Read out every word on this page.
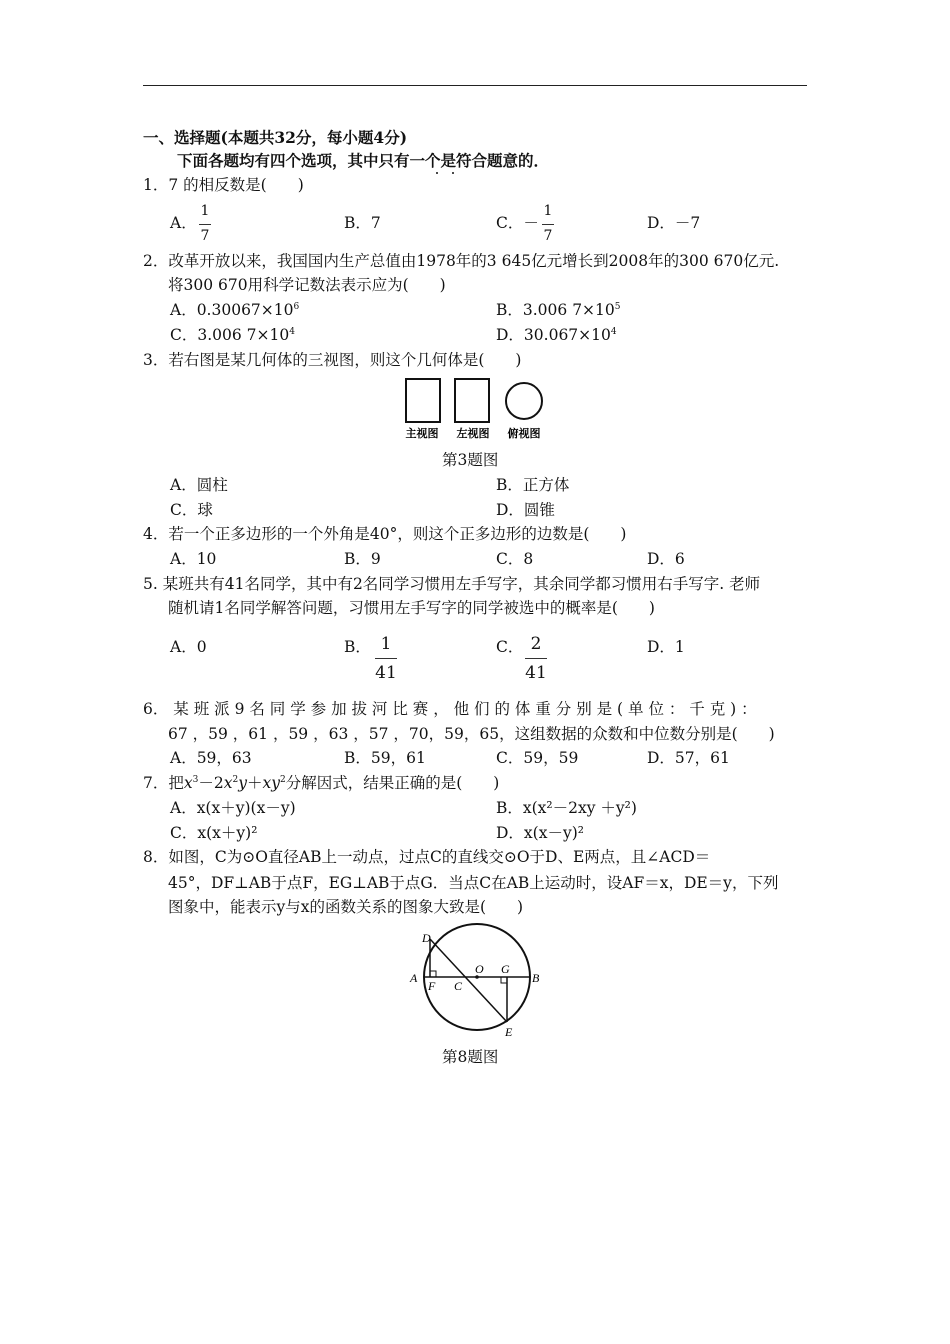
一、选择题(本题共32分，每小题4分)
下面各题均有四个选项，其中只有一个是符合题意的．
1．7 的相反数是(　　)
A．
1
7
B．7	C．－
1
7
D．－7
2．改革开放以来，我国国内生产总值由1978年的3 645亿元增长到2008年的300 670亿元.
将300 670用科学记数法表示应为(　　)
A．$0.30067\times 10^6$	B．3.006 $7\times 10^5$
C．3.006 $7\times 10^4$	D．$30.067\times 10^4$
3．若右图是某几何体的三视图，则这个几何体是(　　)
主视图 左视图 俯视图
第3题图
A．圆柱	B．正方体
C．球	D．圆锥
4．若一个正多边形的一个外角是40°，则这个正多边形的边数是(　　)
A．10	B．9	C．8	D．6
5. 某班共有41名同学，其中有2名同学习惯用左手写字，其余同学都习惯用右手写字. 老师
随机请1名同学解答问题，习惯用左手写字的同学被选中的概率是(　　)
A．0	B． 1
41
C． 2
41
D．1
6． 某 班 派 9 名 同 学 参 加 拔 河 比 赛 ， 他 们 的 体 重 分 别 是 ( 单 位 ： 千 克 ) ：
67 ，59 ，61 ，59 ，63 ，57 ，70，59，65，这组数据的众数和中位数分别是(　　)
A．59，63	B．59，61	C．59，59	D．57，61
7．把$x^3-2x^2y+xy^2$分解因式，结果正确的是(　　)
A．x(x＋y)(x－y)	B．x(x²－2xy ＋y²)
C．x(x＋y)²	D．x(x－y)²
8．如图，C为⊙O直径AB上一动点，过点C的直线交⊙O于D、E两点，且∠ACD＝
45°，DF⊥AB于点F，EG⊥AB于点G．当点C在AB上运动时，设AF＝x，DE＝y，下列
图象中，能表示y与x的函数关系的图象大致是(　　)
D
A
F C
O G
B
E
第8题图
